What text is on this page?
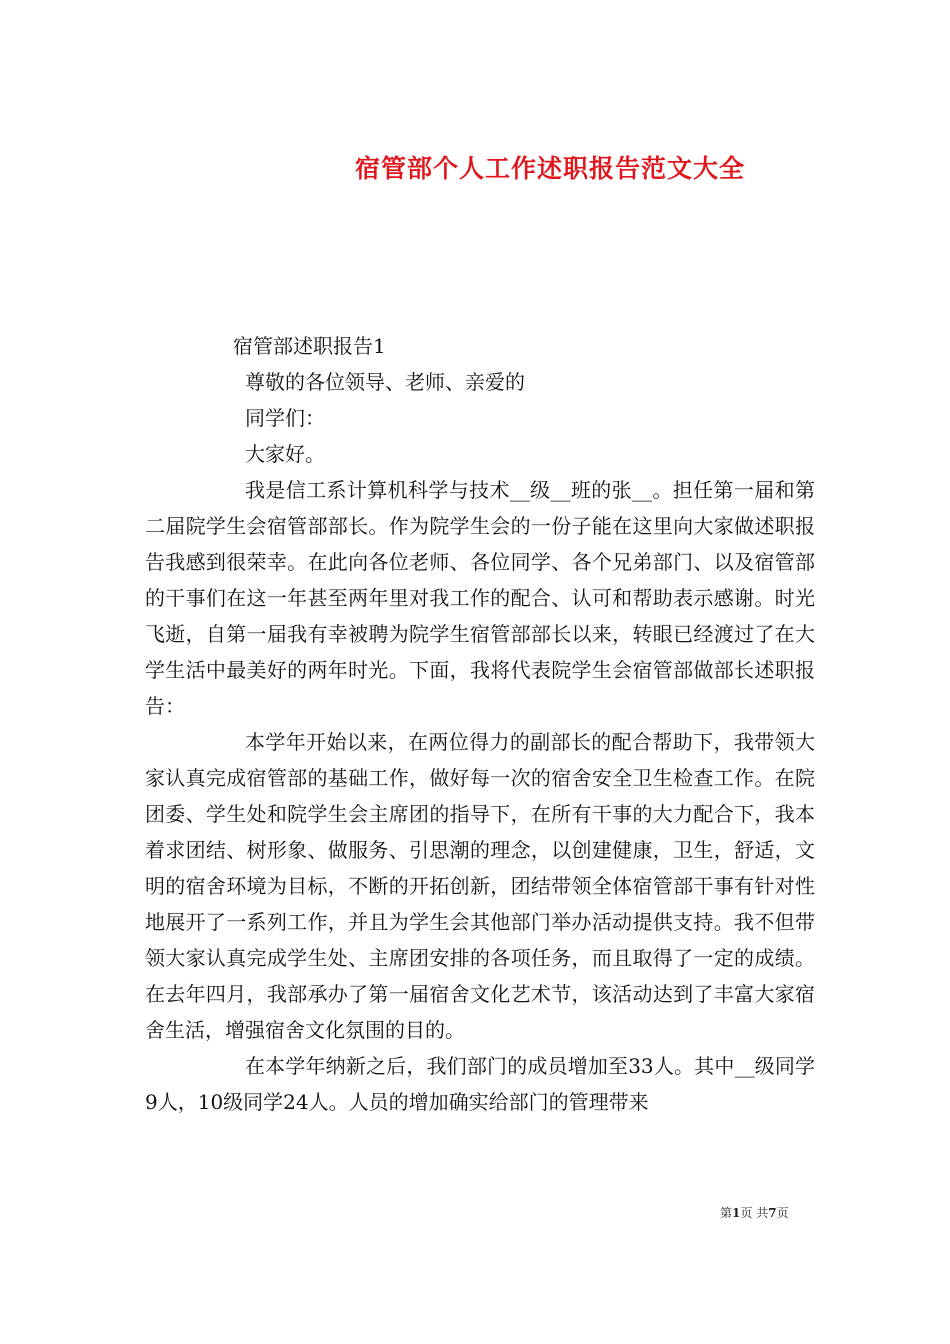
宿管部个人工作述职报告范文大全

宿管部述职报告1

尊敬的各位领导、老师、亲爱的

同学们：

大家好。

我是信工系计算机科学与技术__级__班的张__。担任第一届和第二届院学生会宿管部部长。作为院学生会的一份子能在这里向大家做述职报告我感到很荣幸。在此向各位老师、各位同学、各个兄弟部门、以及宿管部的干事们在这一年甚至两年里对我工作的配合、认可和帮助表示感谢。时光飞逝，自第一届我有幸被聘为院学生宿管部部长以来，转眼已经渡过了在大学生活中最美好的两年时光。下面，我将代表院学生会宿管部做部长述职报告：

本学年开始以来，在两位得力的副部长的配合帮助下，我带领大家认真完成宿管部的基础工作，做好每一次的宿舍安全卫生检查工作。在院团委、学生处和院学生会主席团的指导下，在所有干事的大力配合下，我本着求团结、树形象、做服务、引思潮的理念，以创建健康，卫生，舒适，文明的宿舍环境为目标，不断的开拓创新，团结带领全体宿管部干事有针对性地展开了一系列工作，并且为学生会其他部门举办活动提供支持。我不但带领大家认真完成学生处、主席团安排的各项任务，而且取得了一定的成绩。在去年四月，我部承办了第一届宿舍文化艺术节，该活动达到了丰富大家宿舍生活，增强宿舍文化氛围的目的。

在本学年纳新之后，我们部门的成员增加至33人。其中__级同学9人，10级同学24人。人员的增加确实给部门的管理带来

第1页 共7页
